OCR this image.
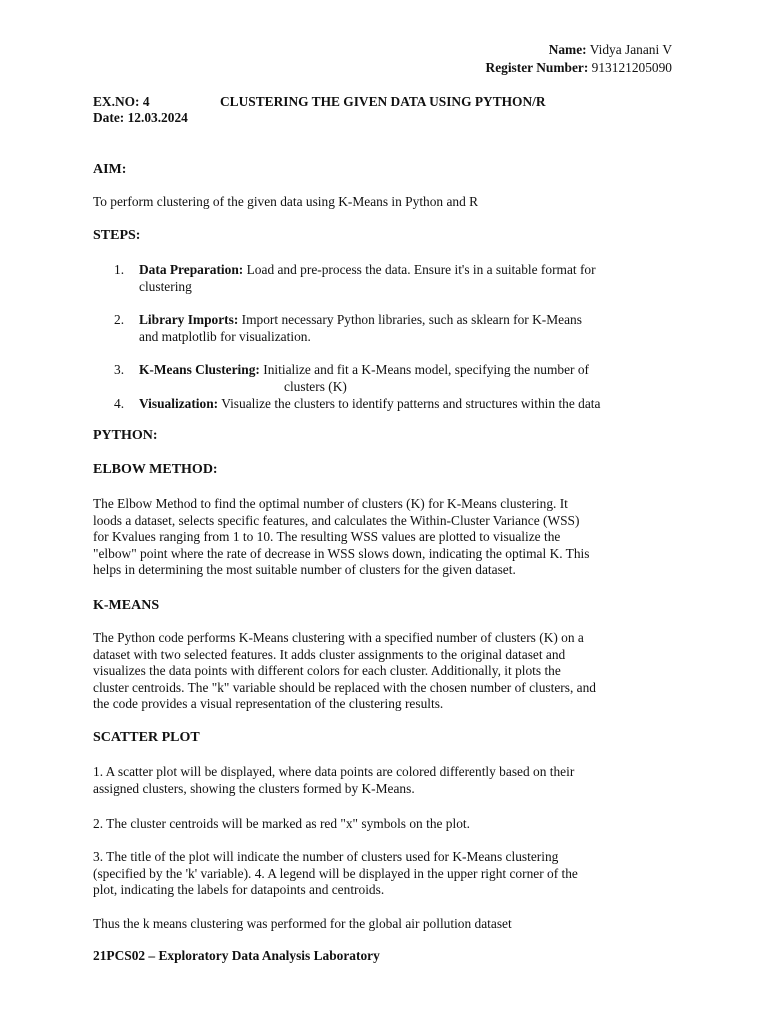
Name: Vidya Janani V
Register Number: 913121205090
EX.NO: 4	CLUSTERING THE GIVEN DATA USING PYTHON/R
Date: 12.03.2024
AIM:
To perform clustering of the given data using K-Means in Python and R
STEPS:
1.	Data Preparation: Load and pre-process the data. Ensure it's in a suitable format for
clustering
2.	Library Imports: Import necessary Python libraries, such as sklearn for K-Means
and matplotlib for visualization.
3.	K-Means Clustering: Initialize and fit a K-Means model, specifying the number of
clusters (K)
4.	Visualization: Visualize the clusters to identify patterns and structures within the data
PYTHON:
ELBOW METHOD:
The Elbow Method to find the optimal number of clusters (K) for K-Means clustering. It
loods a dataset, selects specific features, and calculates the Within-Cluster Variance (WSS)
for Kvalues ranging from 1 to 10. The resulting WSS values are plotted to visualize the
"elbow" point where the rate of decrease in WSS slows down, indicating the optimal K. This
helps in determining the most suitable number of clusters for the given dataset.
K-MEANS
The Python code performs K-Means clustering with a specified number of clusters (K) on a
dataset with two selected features. It adds cluster assignments to the original dataset and
visualizes the data points with different colors for each cluster. Additionally, it plots the
cluster centroids. The "k" variable should be replaced with the chosen number of clusters, and
the code provides a visual representation of the clustering results.
SCATTER PLOT
1. A scatter plot will be displayed, where data points are colored differently based on their
assigned clusters, showing the clusters formed by K-Means.
2. The cluster centroids will be marked as red "x" symbols on the plot.
3. The title of the plot will indicate the number of clusters used for K-Means clustering
(specified by the 'k' variable). 4. A legend will be displayed in the upper right corner of the
plot, indicating the labels for datapoints and centroids.
Thus the k means clustering was performed for the global air pollution dataset
21PCS02 – Exploratory Data Analysis Laboratory
